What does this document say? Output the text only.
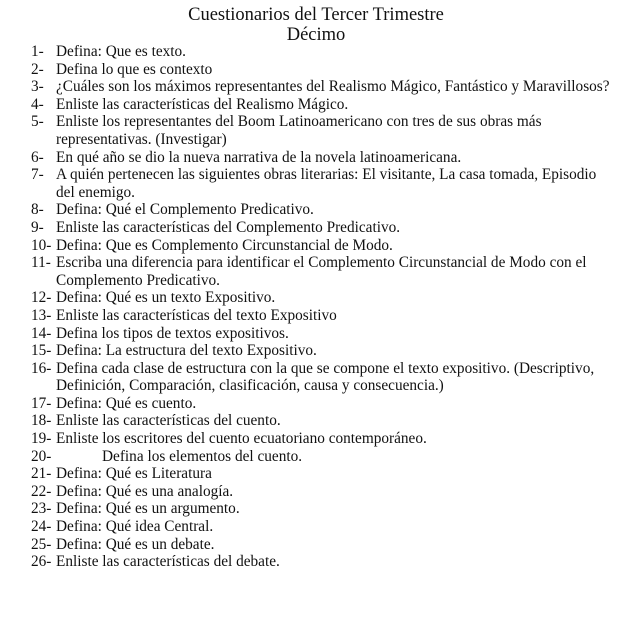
Cuestionarios del Tercer Trimestre
Décimo
1- Defina: Que es texto.
2- Defina lo que es contexto
3- ¿Cuáles son los máximos representantes del Realismo Mágico, Fantástico y Maravillosos?
4- Enliste las características del Realismo Mágico.
5- Enliste los representantes del Boom Latinoamericano con tres de sus obras más representativas. (Investigar)
6- En qué año se dio la nueva narrativa de la novela latinoamericana.
7- A quién pertenecen las siguientes obras literarias: El visitante, La casa tomada, Episodio del enemigo.
8- Defina: Qué el Complemento Predicativo.
9- Enliste las características del Complemento Predicativo.
10- Defina: Que es Complemento Circunstancial de Modo.
11- Escriba una diferencia para identificar el Complemento Circunstancial de Modo con el Complemento Predicativo.
12- Defina: Qué es un texto Expositivo.
13- Enliste las características del texto Expositivo
14- Defina los tipos de textos expositivos.
15- Defina: La estructura del texto Expositivo.
16- Defina cada clase de estructura con la que se compone el texto expositivo. (Descriptivo, Definición, Comparación, clasificación, causa y consecuencia.)
17- Defina: Qué es cuento.
18- Enliste las características del cuento.
19- Enliste los escritores del cuento ecuatoriano contemporáneo.
20-	Defina los elementos del cuento.
21- Defina: Qué es Literatura
22- Defina: Qué es una analogía.
23- Defina: Qué es un argumento.
24- Defina: Qué idea Central.
25- Defina: Qué es un debate.
26- Enliste las características del debate.
